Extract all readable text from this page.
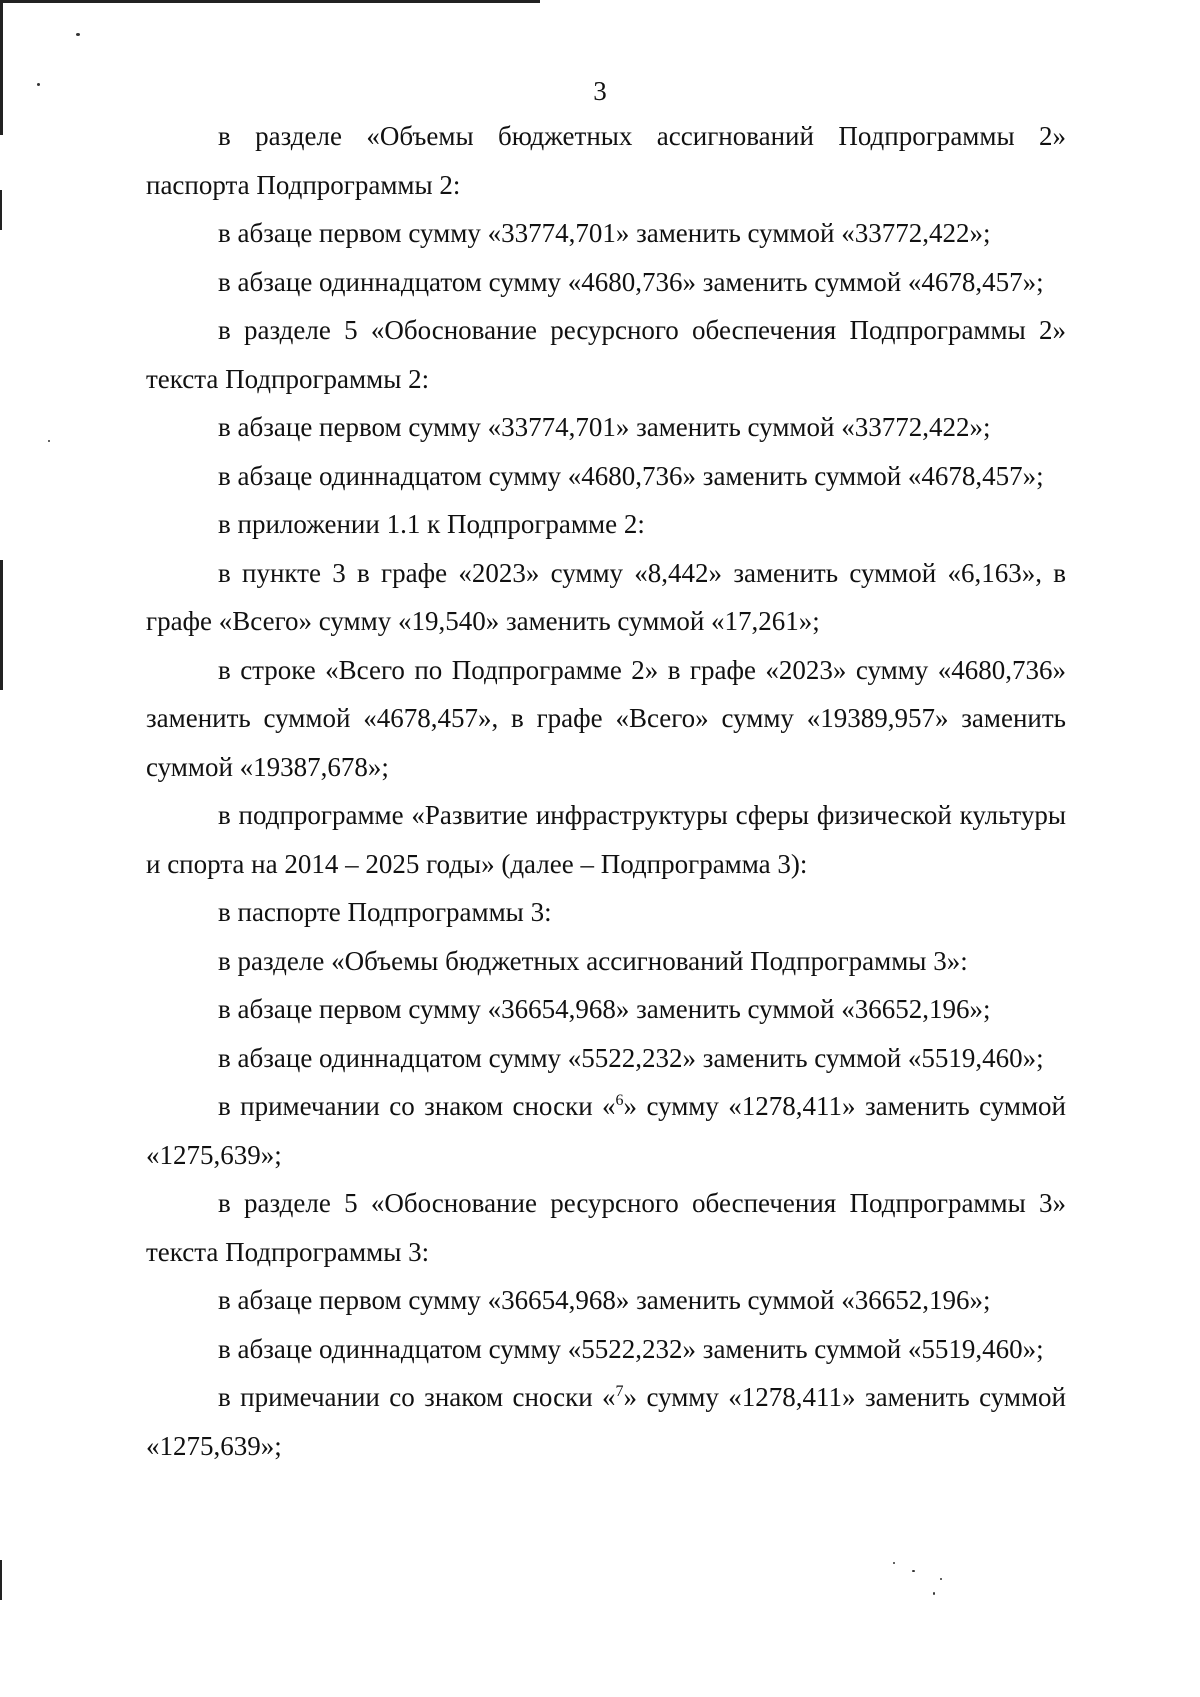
3

в разделе «Объемы бюджетных ассигнований Подпрограммы 2» паспорта Подпрограммы 2:

в абзаце первом сумму «33774,701» заменить суммой «33772,422»;

в абзаце одиннадцатом сумму «4680,736» заменить суммой «4678,457»;

в разделе 5 «Обоснование ресурсного обеспечения Подпрограммы 2» текста Подпрограммы 2:

в абзаце первом сумму «33774,701» заменить суммой «33772,422»;

в абзаце одиннадцатом сумму «4680,736» заменить суммой «4678,457»;

в приложении 1.1 к Подпрограмме 2:

в пункте 3 в графе «2023» сумму «8,442» заменить суммой «6,163», в графе «Всего» сумму «19,540» заменить суммой «17,261»;

в строке «Всего по Подпрограмме 2» в графе «2023» сумму «4680,736» заменить суммой «4678,457», в графе «Всего» сумму «19389,957» заменить суммой «19387,678»;

в подпрограмме «Развитие инфраструктуры сферы физической культуры и спорта на 2014 – 2025 годы» (далее – Подпрограмма 3):

в паспорте Подпрограммы 3:

в разделе «Объемы бюджетных ассигнований Подпрограммы 3»:

в абзаце первом сумму «36654,968» заменить суммой «36652,196»;

в абзаце одиннадцатом сумму «5522,232» заменить суммой «5519,460»;

в примечании со знаком сноски «$^6$» сумму «1278,411» заменить суммой «1275,639»;

в разделе 5 «Обоснование ресурсного обеспечения Подпрограммы 3» текста Подпрограммы 3:

в абзаце первом сумму «36654,968» заменить суммой «36652,196»;

в абзаце одиннадцатом сумму «5522,232» заменить суммой «5519,460»;

в примечании со знаком сноски «$^7$» сумму «1278,411» заменить суммой «1275,639»;
